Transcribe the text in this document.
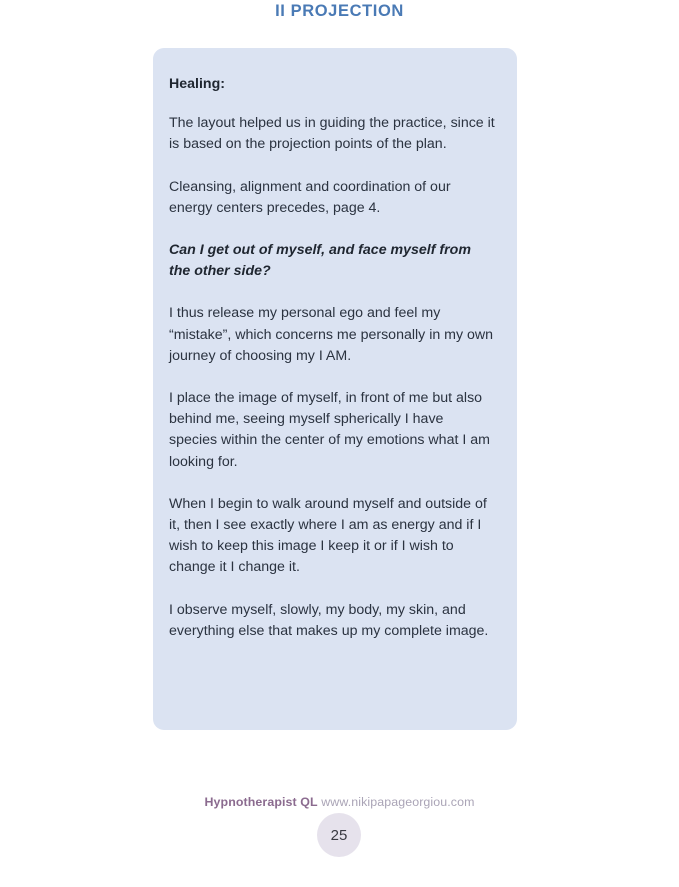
II PROJECTION

Healing:

The layout helped us in guiding the practice, since it is based on the projection points of the plan.

Cleansing, alignment and coordination of our energy centers precedes, page 4.

Can I get out of myself, and face myself from the other side?

I thus release my personal ego and feel my “mistake”, which concerns me personally in my own journey of choosing my I AM.

I place the image of myself, in front of me but also behind me, seeing myself spherically I have species within the center of my emotions what I am looking for.

When I begin to walk around myself and outside of it, then I see exactly where I am as energy and if I wish to keep this image I keep it or if I wish to change it I change it.

I observe myself, slowly, my body, my skin, and everything else that makes up my complete image.

Hypnotherapist QL www.nikipapageorgiou.com
25
